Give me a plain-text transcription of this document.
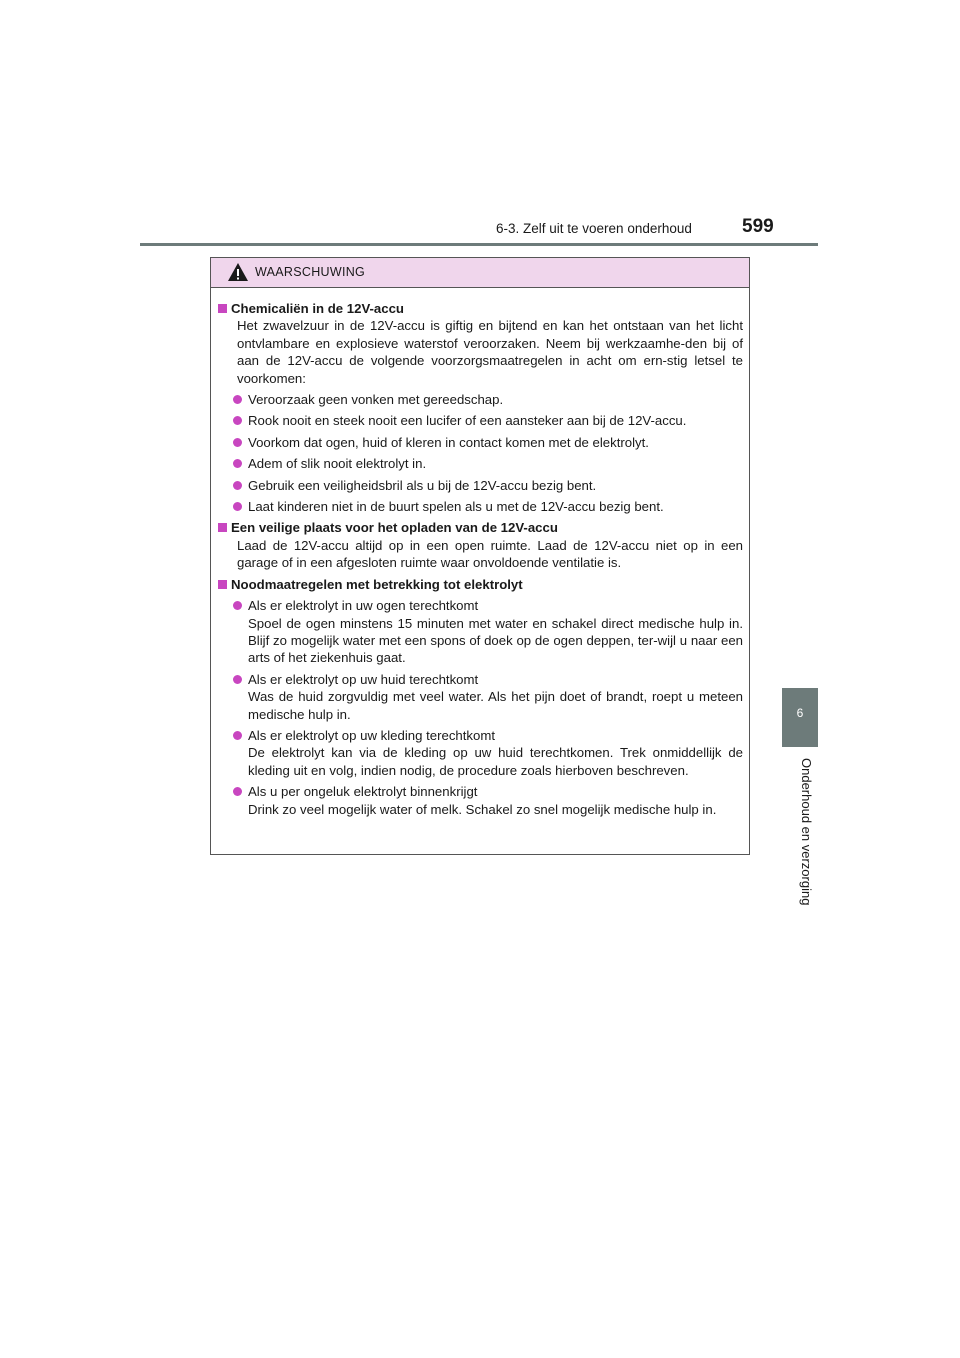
6-3. Zelf uit te voeren onderhoud	599
6
Onderhoud en verzorging
WAARSCHUWING
Chemicaliën in de 12V-accu
Het zwavelzuur in de 12V-accu is giftig en bijtend en kan het ontstaan van het licht ontvlambare en explosieve waterstof veroorzaken. Neem bij werkzaamhe-den bij of aan de 12V-accu de volgende voorzorgsmaatregelen in acht om ern-stig letsel te voorkomen:
Veroorzaak geen vonken met gereedschap.
Rook nooit en steek nooit een lucifer of een aansteker aan bij de 12V-accu.
Voorkom dat ogen, huid of kleren in contact komen met de elektrolyt.
Adem of slik nooit elektrolyt in.
Gebruik een veiligheidsbril als u bij de 12V-accu bezig bent.
Laat kinderen niet in de buurt spelen als u met de 12V-accu bezig bent.
Een veilige plaats voor het opladen van de 12V-accu
Laad de 12V-accu altijd op in een open ruimte. Laad de 12V-accu niet op in een garage of in een afgesloten ruimte waar onvoldoende ventilatie is.
Noodmaatregelen met betrekking tot elektrolyt
Als er elektrolyt in uw ogen terechtkomt
Spoel de ogen minstens 15 minuten met water en schakel direct medische hulp in. Blijf zo mogelijk water met een spons of doek op de ogen deppen, ter-wijl u naar een arts of het ziekenhuis gaat.
Als er elektrolyt op uw huid terechtkomt
Was de huid zorgvuldig met veel water. Als het pijn doet of brandt, roept u meteen medische hulp in.
Als er elektrolyt op uw kleding terechtkomt
De elektrolyt kan via de kleding op uw huid terechtkomen. Trek onmiddellijk de kleding uit en volg, indien nodig, de procedure zoals hierboven beschreven.
Als u per ongeluk elektrolyt binnenkrijgt
Drink zo veel mogelijk water of melk. Schakel zo snel mogelijk medische hulp in.
